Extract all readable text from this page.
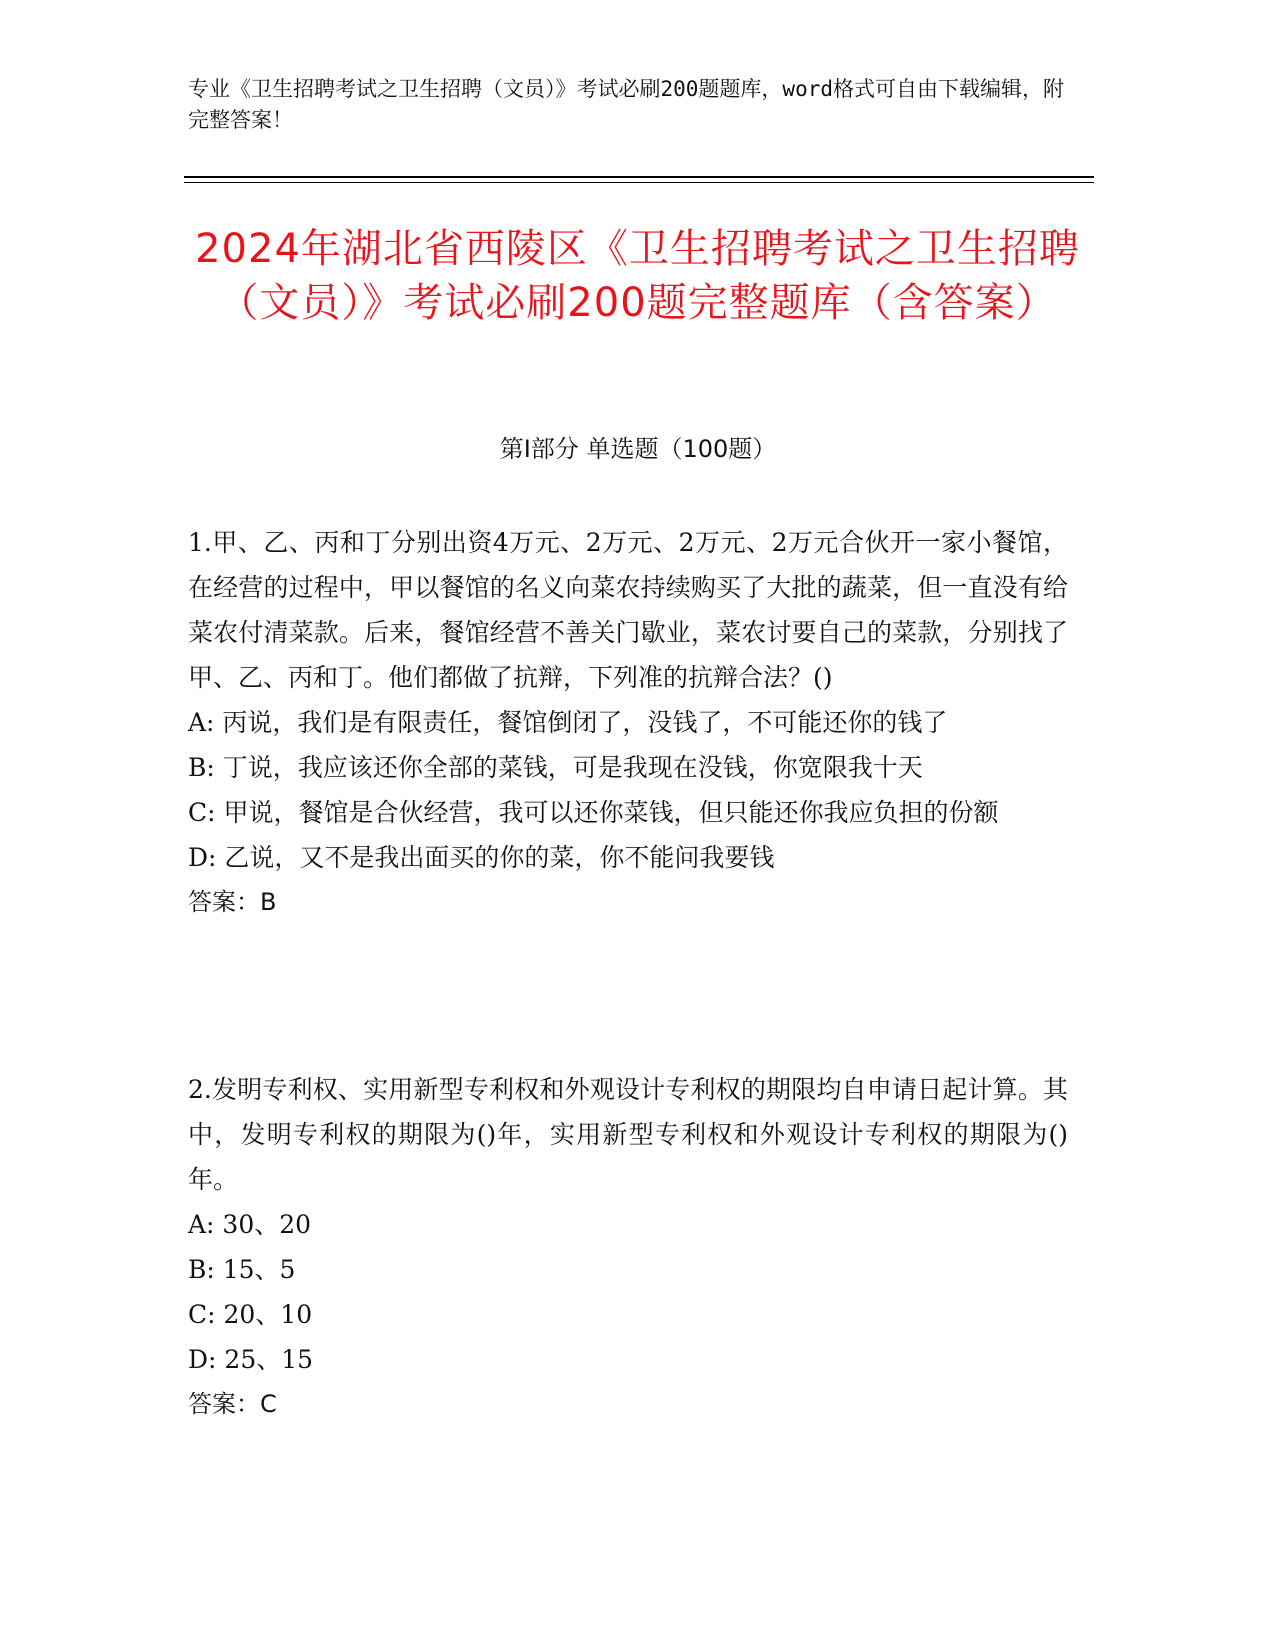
专业《卫生招聘考试之卫生招聘（文员）》考试必刷200题题库，word格式可自由下载编辑，附完整答案！
2024年湖北省西陵区《卫生招聘考试之卫生招聘（文员）》考试必刷200题完整题库（含答案）
第I部分 单选题（100题）

1.甲、乙、丙和丁分别出资4万元、2万元、2万元、2万元合伙开一家小餐馆，在经营的过程中，甲以餐馆的名义向菜农持续购买了大批的蔬菜，但一直没有给菜农付清菜款。后来，餐馆经营不善关门歇业，菜农讨要自己的菜款，分别找了甲、乙、丙和丁。他们都做了抗辩，下列准的抗辩合法？()

A: 丙说，我们是有限责任，餐馆倒闭了，没钱了，不可能还你的钱了

B: 丁说，我应该还你全部的菜钱，可是我现在没钱，你宽限我十天

C: 甲说，餐馆是合伙经营，我可以还你菜钱，但只能还你我应负担的份额

D: 乙说，又不是我出面买的你的菜，你不能问我要钱

答案：B

2.发明专利权、实用新型专利权和外观设计专利权的期限均自申请日起计算。其中，发明专利权的期限为()年，实用新型专利权和外观设计专利权的期限为()年。

A: 30、20

B: 15、5

C: 20、10

D: 25、15

答案：C
